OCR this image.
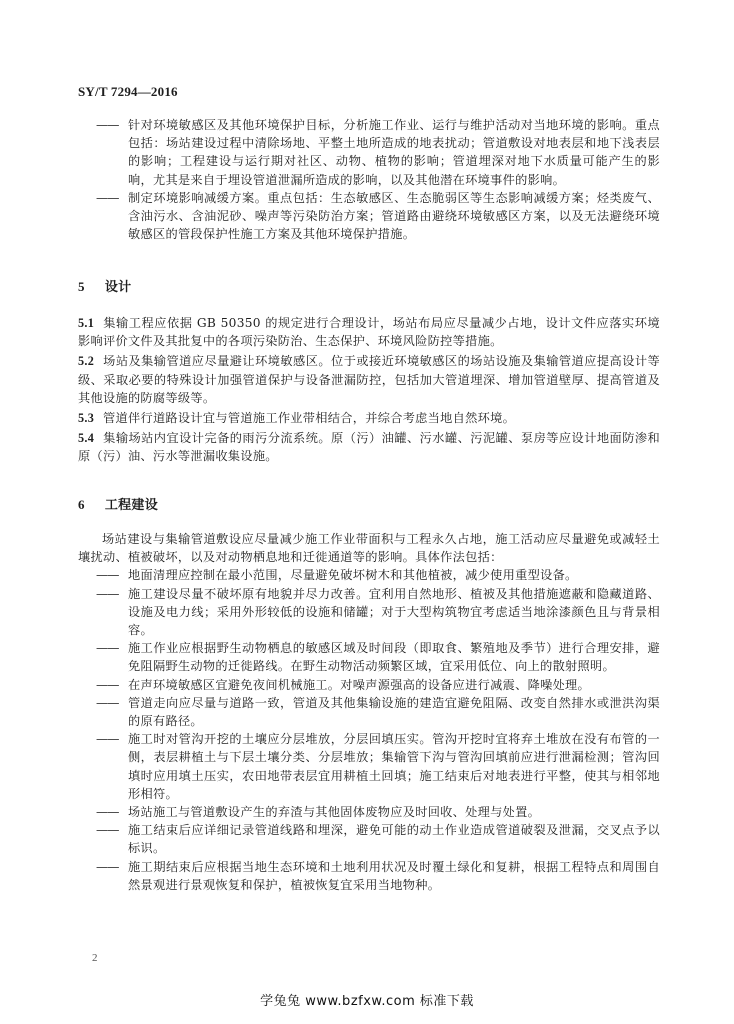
SY/T 7294—2016

—— 针对环境敏感区及其他环境保护目标，分析施工作业、运行与维护活动对当地环境的影响。重点包括：场站建设过程中清除场地、平整土地所造成的地表扰动；管道敷设对地表层和地下浅表层的影响；工程建设与运行期对社区、动物、植物的影响；管道埋深对地下水质量可能产生的影响，尤其是来自于埋设管道泄漏所造成的影响，以及其他潜在环境事件的影响。

—— 制定环境影响减缓方案。重点包括：生态敏感区、生态脆弱区等生态影响减缓方案；烃类废气、含油污水、含油泥砂、噪声等污染防治方案；管道路由避绕环境敏感区方案，以及无法避绕环境敏感区的管段保护性施工方案及其他环境保护措施。

5 设计

5.1 集输工程应依据 GB 50350 的规定进行合理设计，场站布局应尽量减少占地，设计文件应落实环境影响评价文件及其批复中的各项污染防治、生态保护、环境风险防控等措施。

5.2 场站及集输管道应尽量避让环境敏感区。位于或接近环境敏感区的场站设施及集输管道应提高设计等级、采取必要的特殊设计加强管道保护与设备泄漏防控，包括加大管道埋深、增加管道壁厚、提高管道及其他设施的防腐等级等。

5.3 管道伴行道路设计宜与管道施工作业带相结合，并综合考虑当地自然环境。

5.4 集输场站内宜设计完备的雨污分流系统。原（污）油罐、污水罐、污泥罐、泵房等应设计地面防渗和原（污）油、污水等泄漏收集设施。

6 工程建设

场站建设与集输管道敷设应尽量减少施工作业带面积与工程永久占地，施工活动应尽量避免或减轻土壤扰动、植被破坏，以及对动物栖息地和迁徙通道等的影响。具体作法包括：

—— 地面清理应控制在最小范围，尽量避免破坏树木和其他植被，减少使用重型设备。

—— 施工建设尽量不破坏原有地貌并尽力改善。宜利用自然地形、植被及其他措施遮蔽和隐藏道路、设施及电力线；采用外形较低的设施和储罐；对于大型构筑物宜考虑适当地涂漆颜色且与背景相容。

—— 施工作业应根据野生动物栖息的敏感区域及时间段（即取食、繁殖地及季节）进行合理安排，避免阻隔野生动物的迁徙路线。在野生动物活动频繁区域，宜采用低位、向上的散射照明。

—— 在声环境敏感区宜避免夜间机械施工。对噪声源强高的设备应进行减震、降噪处理。

—— 管道走向应尽量与道路一致，管道及其他集输设施的建造宜避免阻隔、改变自然排水或泄洪沟渠的原有路径。

—— 施工时对管沟开挖的土壤应分层堆放，分层回填压实。管沟开挖时宜将弃土堆放在没有布管的一侧，表层耕植土与下层土壤分类、分层堆放；集输管下沟与管沟回填前应进行泄漏检测；管沟回填时应用填土压实，农田地带表层宜用耕植土回填；施工结束后对地表进行平整，使其与相邻地形相符。

—— 场站施工与管道敷设产生的弃渣与其他固体废物应及时回收、处理与处置。

—— 施工结束后应详细记录管道线路和埋深，避免可能的动土作业造成管道破裂及泄漏，交叉点予以标识。

—— 施工期结束后应根据当地生态环境和土地利用状况及时覆土绿化和复耕，根据工程特点和周围自然景观进行景观恢复和保护，植被恢复宜采用当地物种。

2
学兔兔 www.bzfxw.com 标准下载
